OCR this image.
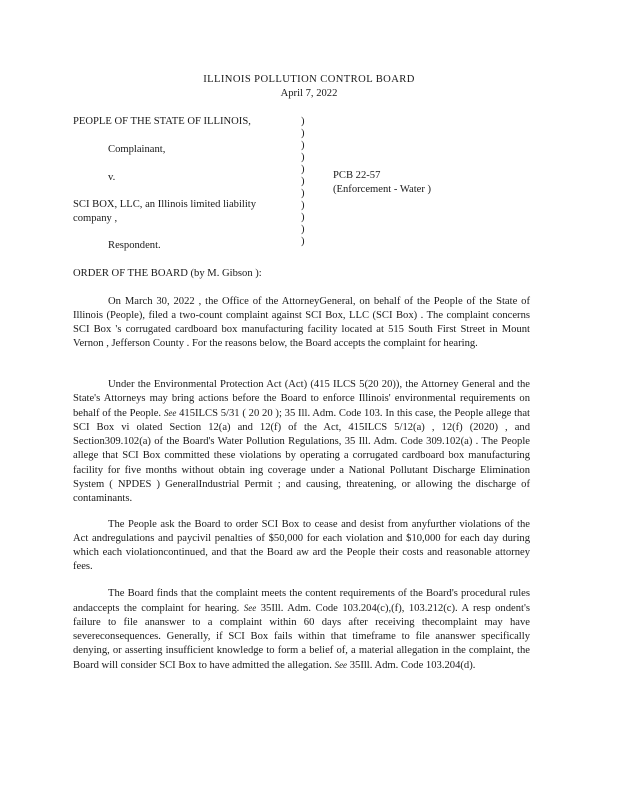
ILLINOIS POLLUTION CONTROL BOARD
April 7, 2022
PEOPLE OF THE STATE OF ILLINOIS,
Complainant,
v.
SCI BOX, LLC, an Illinois limited liability
company ,
Respondent.
)
)
)
)
)
)
)
)
)
)
)
PCB 22-57
(Enforcement - Water )
ORDER OF THE BOARD (by M. Gibson ):

On March 30, 2022 , the Office of the AttorneyGeneral, on behalf of the People of the State of Illinois (People), filed a two-count complaint against SCI Box, LLC (SCI Box) . The complaint concerns SCI Box 's corrugated cardboard box manufacturing facility located at 515 South First Street in Mount Vernon , Jefferson County . For the reasons below, the Board accepts the complaint for hearing.

Under the Environmental Protection Act (Act) (415 ILCS 5(20 20)), the Attorney General and the State's Attorneys may bring actions before the Board to enforce Illinois' environmental requirements on behalf of the People. See 415ILCS 5/31 ( 20 20 ); 35 Ill. Adm. Code 103. In this case, the People allege that SCI Box vi olated Section 12(a) and 12(f) of the Act, 415ILCS 5/12(a) , 12(f) (2020) , and Section309.102(a) of the Board's Water Pollution Regulations, 35 Ill. Adm. Code 309.102(a) . The People allege that SCI Box committed these violations by operating a corrugated cardboard box manufacturing facility for five months without obtain ing coverage under a National Pollutant Discharge Elimination System ( NPDES ) GeneralIndustrial Permit ; and causing, threatening, or allowing the discharge of contaminants.

The People ask the Board to order SCI Box to cease and desist from anyfurther violations of the Act andregulations and paycivil penalties of $50,000 for each violation and $10,000 for each day during which each violationcontinued, and that the Board aw ard the People their costs and reasonable attorney fees.

The Board finds that the complaint meets the content requirements of the Board's procedural rules andaccepts the complaint for hearing. See 35Ill. Adm. Code 103.204(c),(f), 103.212(c). A resp ondent's failure to file ananswer to a complaint within 60 days after receiving thecomplaint may have severeconsequences. Generally, if SCI Box fails within that timeframe to file ananswer specifically denying, or asserting insufficient knowledge to form a belief of, a material allegation in the complaint, the Board will consider SCI Box to have admitted the allegation. See 35Ill. Adm. Code 103.204(d).
